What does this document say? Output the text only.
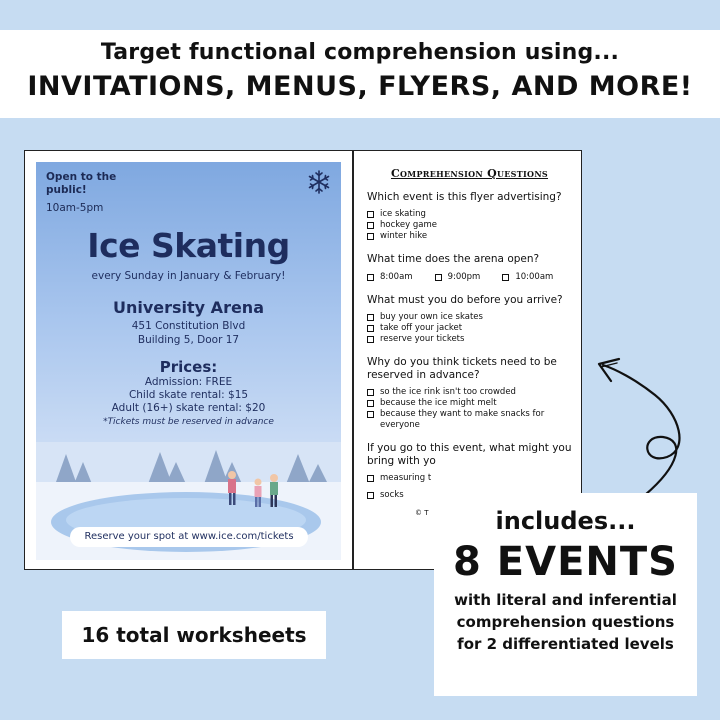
Target functional comprehension using...
INVITATIONS, MENUS, FLYERS, AND MORE!
Open to the public!
10am-5pm
Ice Skating
every Sunday in January & February!
University Arena
451 Constitution Blvd
Building 5, Door 17
Prices:
Admission: FREE
Child skate rental: $15
Adult (16+) skate rental: $20
*Tickets must be reserved in advance
Reserve your spot at www.ice.com/tickets
Comprehension Questions
Which event is this flyer advertising?
ice skating
hockey game
winter hike
What time does the arena open?
8:00am	9:00pm	10:00am
What must you do before you arrive?
buy your own ice skates
take off your jacket
reserve your tickets
Why do you think tickets need to be reserved in advance?
so the ice rink isn't too crowded
because the ice might melt
because they want to make snacks for everyone
If you go to this event, what might you bring with yo
measuring t
socks
© T	includes...
8 EVENTS
with literal and inferential
comprehension questions
for 2 differentiated levels
16 total worksheets
